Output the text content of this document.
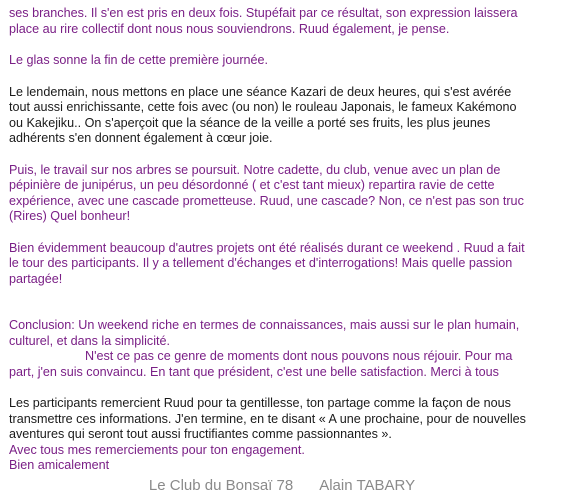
ses branches. Il s'en est pris en deux fois. Stupéfait par ce résultat, son expression laissera
place au rire collectif dont nous nous souviendrons. Ruud également, je pense.

Le glas sonne la fin de cette première journée.

Le lendemain, nous mettons en place une séance Kazari de deux heures, qui s'est avérée
tout aussi enrichissante, cette fois avec (ou non) le rouleau Japonais, le fameux Kakémono
ou Kakejiku.. On s'aperçoit que la séance de la veille a porté ses fruits, les plus jeunes
adhérents s'en donnent également à cœur joie.

Puis, le travail sur nos arbres se poursuit. Notre cadette, du club, venue avec un plan de
pépinière de junipérus, un peu désordonné ( et c'est tant mieux) repartira ravie de cette
expérience, avec une cascade prometteuse. Ruud, une cascade? Non, ce n'est pas son truc
(Rires) Quel bonheur!

Bien évidemment beaucoup d'autres projets ont été réalisés durant ce weekend . Ruud a fait
le tour des participants. Il y a tellement d'échanges et d'interrogations! Mais quelle passion
partagée!

Conclusion: Un weekend riche en termes de connaissances, mais aussi sur le plan humain,
culturel, et dans la simplicité.

N'est ce pas ce genre de moments dont nous pouvons nous réjouir. Pour ma

part, j'en suis convaincu. En tant que président, c'est une belle satisfaction. Merci à tous

Les participants remercient Ruud pour ta gentillesse, ton partage comme la façon de nous
transmettre ces informations. J'en termine, en te disant « A une prochaine, pour de nouvelles
aventures qui seront tout aussi fructifiantes comme passionnantes ».

Avec tous mes remerciements pour ton engagement.
Bien amicalement

Le Club du Bonsaï 78 Alain TABARY
